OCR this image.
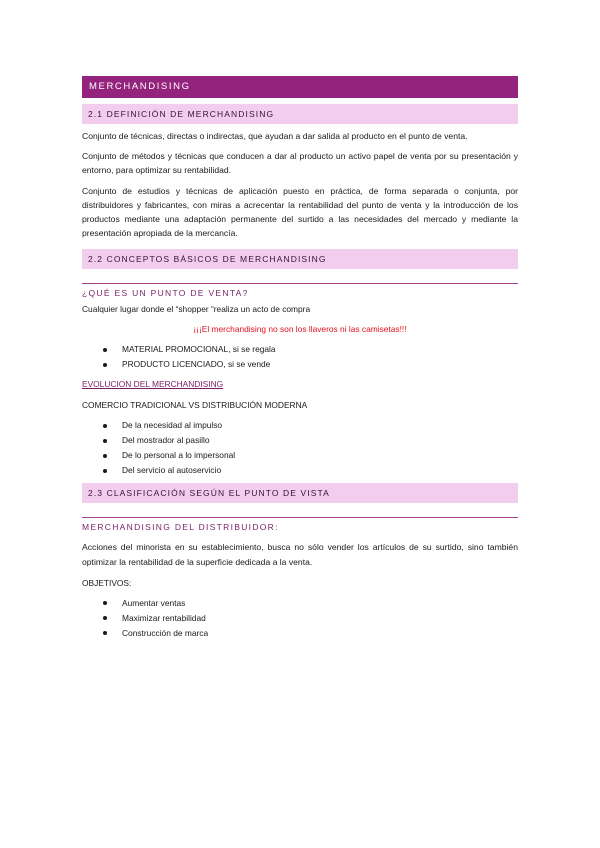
MERCHANDISING
2.1 DEFINICIÓN DE MERCHANDISING

Conjunto de técnicas, directas o indirectas, que ayudan a dar salida al producto en el punto de venta.

Conjunto de métodos y técnicas que conducen a dar al producto un activo papel de venta por su presentación y entorno, para optimizar su rentabilidad.

Conjunto de estudios y técnicas de aplicación puesto en práctica, de forma separada o conjunta, por distribuidores y fabricantes, con miras a acrecentar la rentabilidad del punto de venta y la introducción de los productos mediante una adaptación permanente del surtido a las necesidades del mercado y mediante la presentación apropiada de la mercancía.

2.2 CONCEPTOS BÁSICOS DE MERCHANDISING
¿QUÉ ES UN PUNTO DE VENTA?
Cualquier lugar donde el “shopper “realiza un acto de compra
¡¡¡El merchandising no son los llaveros ni las camisetas!!!
MATERIAL PROMOCIONAL, si se regala
PRODUCTO LICENCIADO, si se vende
EVOLUCION DEL MERCHANDISING
COMERCIO TRADICIONAL VS DISTRIBUCIÓN MODERNA
De la necesidad al impulso
Del mostrador al pasillo
De lo personal a lo impersonal
Del servicio al autoservicio
2.3 CLASIFICACIÓN SEGÚN EL PUNTO DE VISTA
MERCHANDISING DEL DISTRIBUIDOR:

Acciones del minorista en su establecimiento, busca no sólo vender los artículos de su surtido, sino también optimizar la rentabilidad de la superficie dedicada a la venta.

OBJETIVOS:
Aumentar ventas
Maximizar rentabilidad
Construcción de marca
